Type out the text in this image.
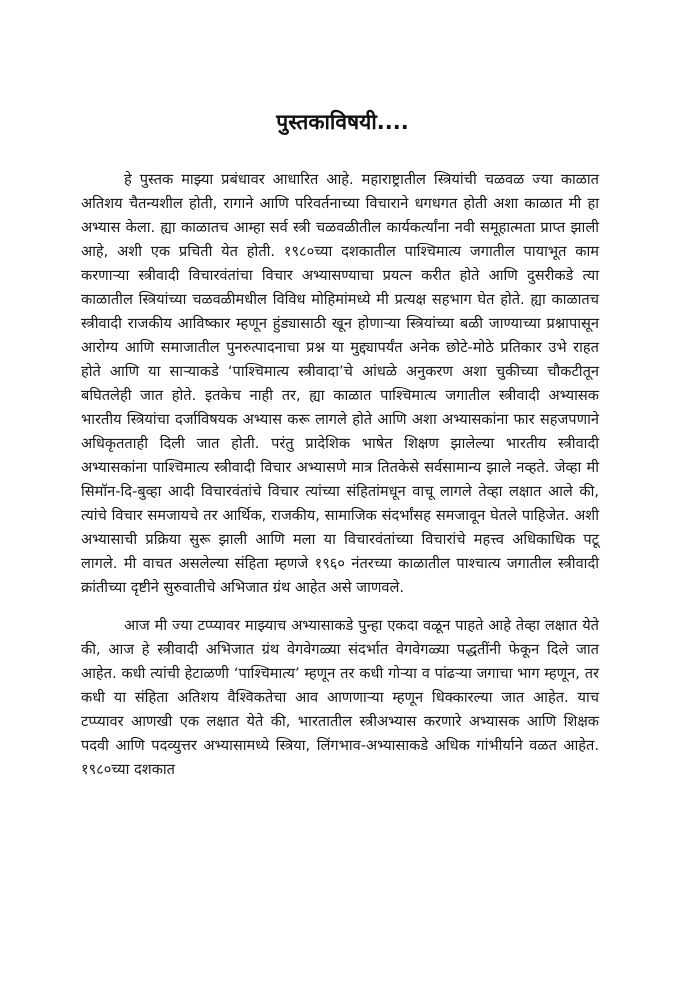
पुस्तकाविषयी....

हे पुस्तक माझ्या प्रबंधावर आधारित आहे. महाराष्ट्रातील स्त्रियांची चळवळ ज्या काळात अतिशय चैतन्यशील होती, रागाने आणि परिवर्तनाच्या विचाराने धगधगत होती अशा काळात मी हा अभ्यास केला. ह्या काळातच आम्हा सर्व स्त्री चळवळीतील कार्यकर्त्यांना नवी समूहात्मता प्राप्त झाली आहे, अशी एक प्रचिती येत होती. १९८०च्या दशकातील पाश्चिमात्य जगातील पायाभूत काम करणाऱ्या स्त्रीवादी विचारवंतांचा विचार अभ्यासण्याचा प्रयत्न करीत होते आणि दुसरीकडे त्या काळातील स्त्रियांच्या चळवळीमधील विविध मोहिमांमध्ये मी प्रत्यक्ष सहभाग घेत होते. ह्या काळातच स्त्रीवादी राजकीय आविष्कार म्हणून हुंड्यासाठी खून होणाऱ्या स्त्रियांच्या बळी जाण्याच्या प्रश्नापासून आरोग्य आणि समाजातील पुनरुत्पादनाचा प्रश्न या मुद्द्यापर्यंत अनेक छोटे-मोठे प्रतिकार उभे राहत होते आणि या साऱ्याकडे ‘पाश्चिमात्य स्त्रीवादा’चे आंधळे अनुकरण अशा चुकीच्या चौकटीतून बघितलेही जात होते. इतकेच नाही तर, ह्या काळात पाश्चिमात्य जगातील स्त्रीवादी अभ्यासक भारतीय स्त्रियांचा दर्जाविषयक अभ्यास करू लागले होते आणि अशा अभ्यासकांना फार सहजपणाने अधिकृतताही दिली जात होती. परंतु प्रादेशिक भाषेत शिक्षण झालेल्या भारतीय स्त्रीवादी अभ्यासकांना पाश्चिमात्य स्त्रीवादी विचार अभ्यासणे मात्र तितकेसे सर्वसामान्य झाले नव्हते. जेव्हा मी सिमॉन-दि-बुव्हा आदी विचारवंतांचे विचार त्यांच्या संहितांमधून वाचू लागले तेव्हा लक्षात आले की, त्यांचे विचार समजायचे तर आर्थिक, राजकीय, सामाजिक संदर्भांसह समजावून घेतले पाहिजेत. अशी अभ्यासाची प्रक्रिया सुरू झाली आणि मला या विचारवंतांच्या विचारांचे महत्त्व अधिकाधिक पटू लागले. मी वाचत असलेल्या संहिता म्हणजे १९६० नंतरच्या काळातील पाश्चात्य जगातील स्त्रीवादी क्रांतीच्या दृष्टीने सुरुवातीचे अभिजात ग्रंथ आहेत असे जाणवले.

आज मी ज्या टप्प्यावर माझ्याच अभ्यासाकडे पुन्हा एकदा वळून पाहते आहे तेव्हा लक्षात येते की, आज हे स्त्रीवादी अभिजात ग्रंथ वेगवेगळ्या संदर्भात वेगवेगळ्या पद्धतींनी फेकून दिले जात आहेत. कधी त्यांची हेटाळणी ‘पाश्चिमात्य’ म्हणून तर कधी गोऱ्या व पांढऱ्या जगाचा भाग म्हणून, तर कधी या संहिता अतिशय वैश्विकतेचा आव आणणाऱ्या म्हणून धिक्कारल्या जात आहेत. याच टप्प्यावर आणखी एक लक्षात येते की, भारतातील स्त्रीअभ्यास करणारे अभ्यासक आणि शिक्षक पदवी आणि पदव्युत्तर अभ्यासामध्ये स्त्रिया, लिंगभाव-अभ्यासाकडे अधिक गांभीर्याने वळत आहेत. १९८०च्या दशकात
